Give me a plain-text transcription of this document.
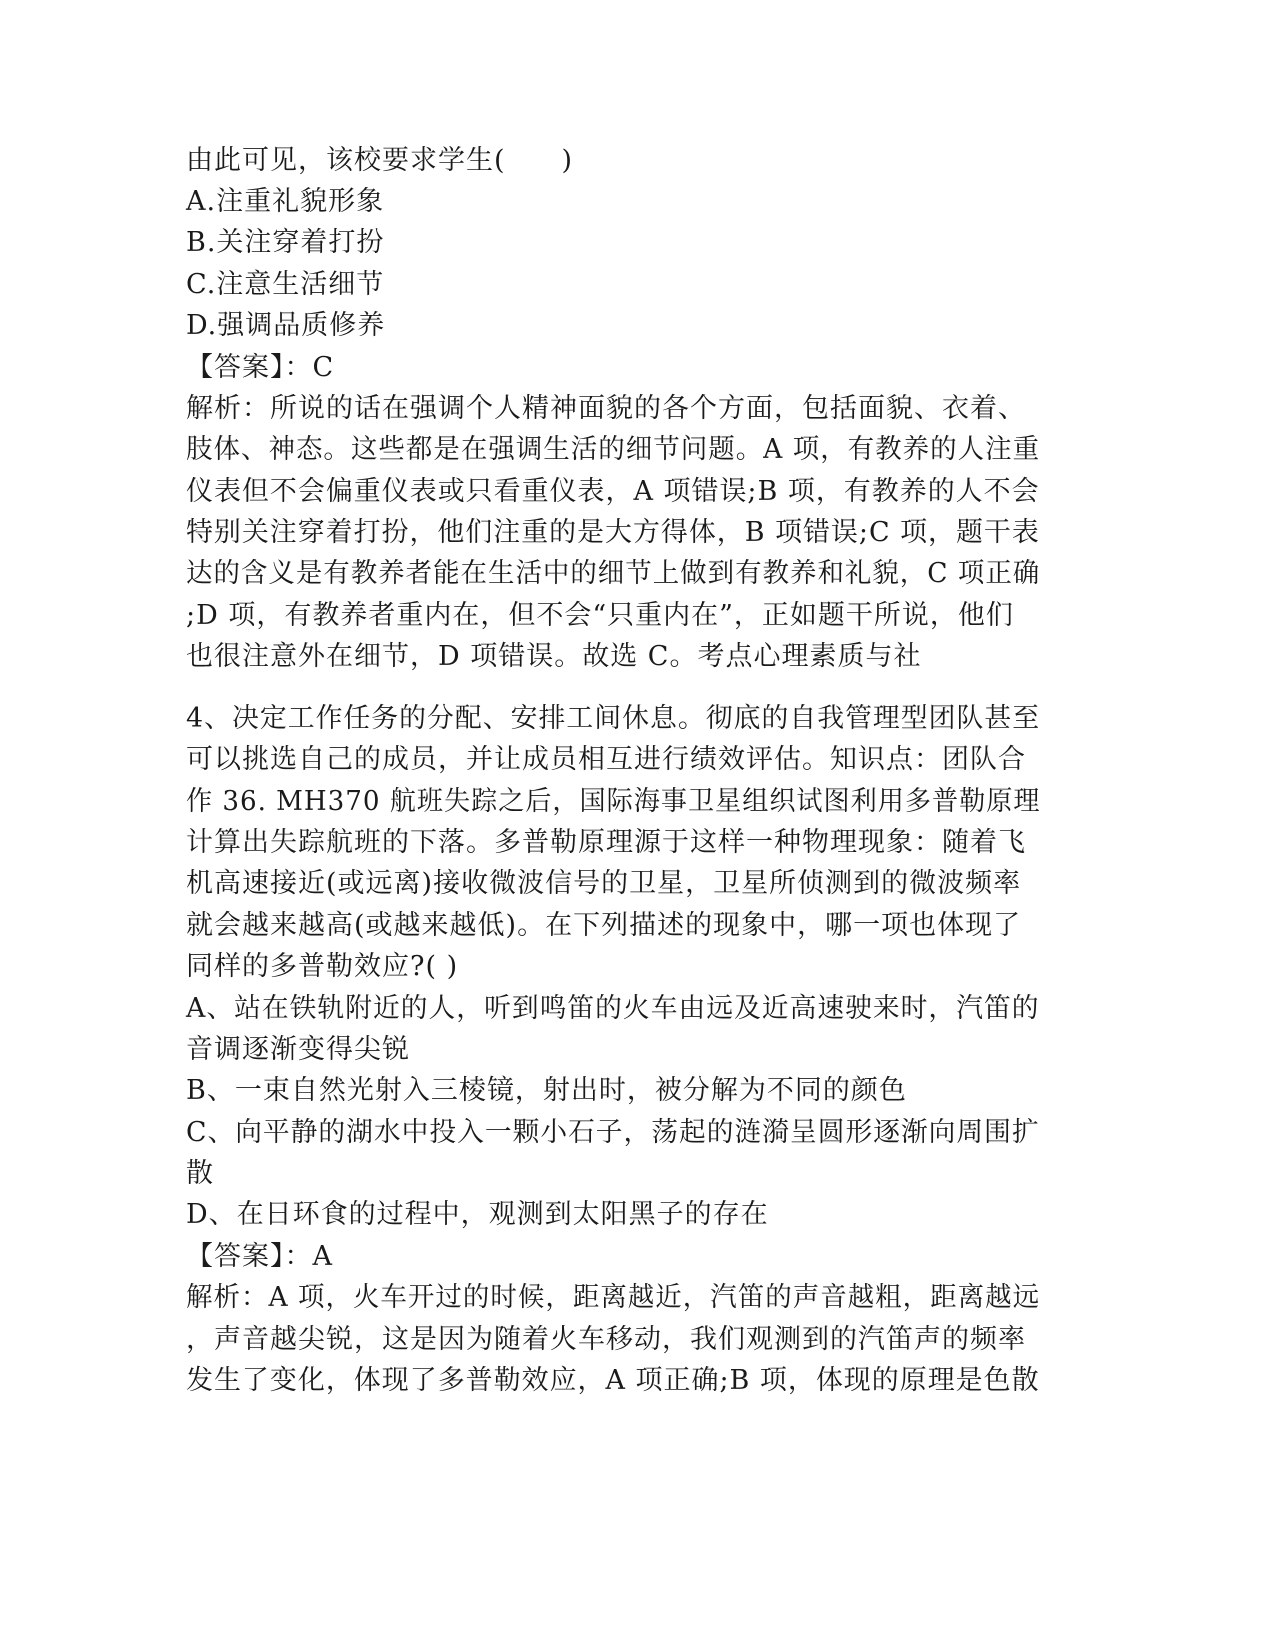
由此可见，该校要求学生(　　)

A.注重礼貌形象

B.关注穿着打扮

C.注意生活细节

D.强调品质修养

【答案】：C

解析：所说的话在强调个人精神面貌的各个方面，包括面貌、衣着、

肢体、神态。这些都是在强调生活的细节问题。A 项，有教养的人注重

仪表但不会偏重仪表或只看重仪表，A 项错误;B 项，有教养的人不会

特别关注穿着打扮，他们注重的是大方得体，B 项错误;C 项，题干表

达的含义是有教养者能在生活中的细节上做到有教养和礼貌，C 项正确

;D 项，有教养者重内在，但不会“只重内在”，正如题干所说，他们

也很注意外在细节，D 项错误。故选 C。考点心理素质与社

4、决定工作任务的分配、安排工间休息。彻底的自我管理型团队甚至

可以挑选自己的成员，并让成员相互进行绩效评估。知识点：团队合

作 36. MH370 航班失踪之后，国际海事卫星组织试图利用多普勒原理

计算出失踪航班的下落。多普勒原理源于这样一种物理现象：随着飞

机高速接近(或远离)接收微波信号的卫星，卫星所侦测到的微波频率

就会越来越高(或越来越低)。在下列描述的现象中，哪一项也体现了

同样的多普勒效应?( )

A、站在铁轨附近的人，听到鸣笛的火车由远及近高速驶来时，汽笛的

音调逐渐变得尖锐

B、一束自然光射入三棱镜，射出时，被分解为不同的颜色

C、向平静的湖水中投入一颗小石子，荡起的涟漪呈圆形逐渐向周围扩

散

D、在日环食的过程中，观测到太阳黑子的存在

【答案】：A

解析：A 项，火车开过的时候，距离越近，汽笛的声音越粗，距离越远

，声音越尖锐，这是因为随着火车移动，我们观测到的汽笛声的频率

发生了变化，体现了多普勒效应，A 项正确;B 项，体现的原理是色散
